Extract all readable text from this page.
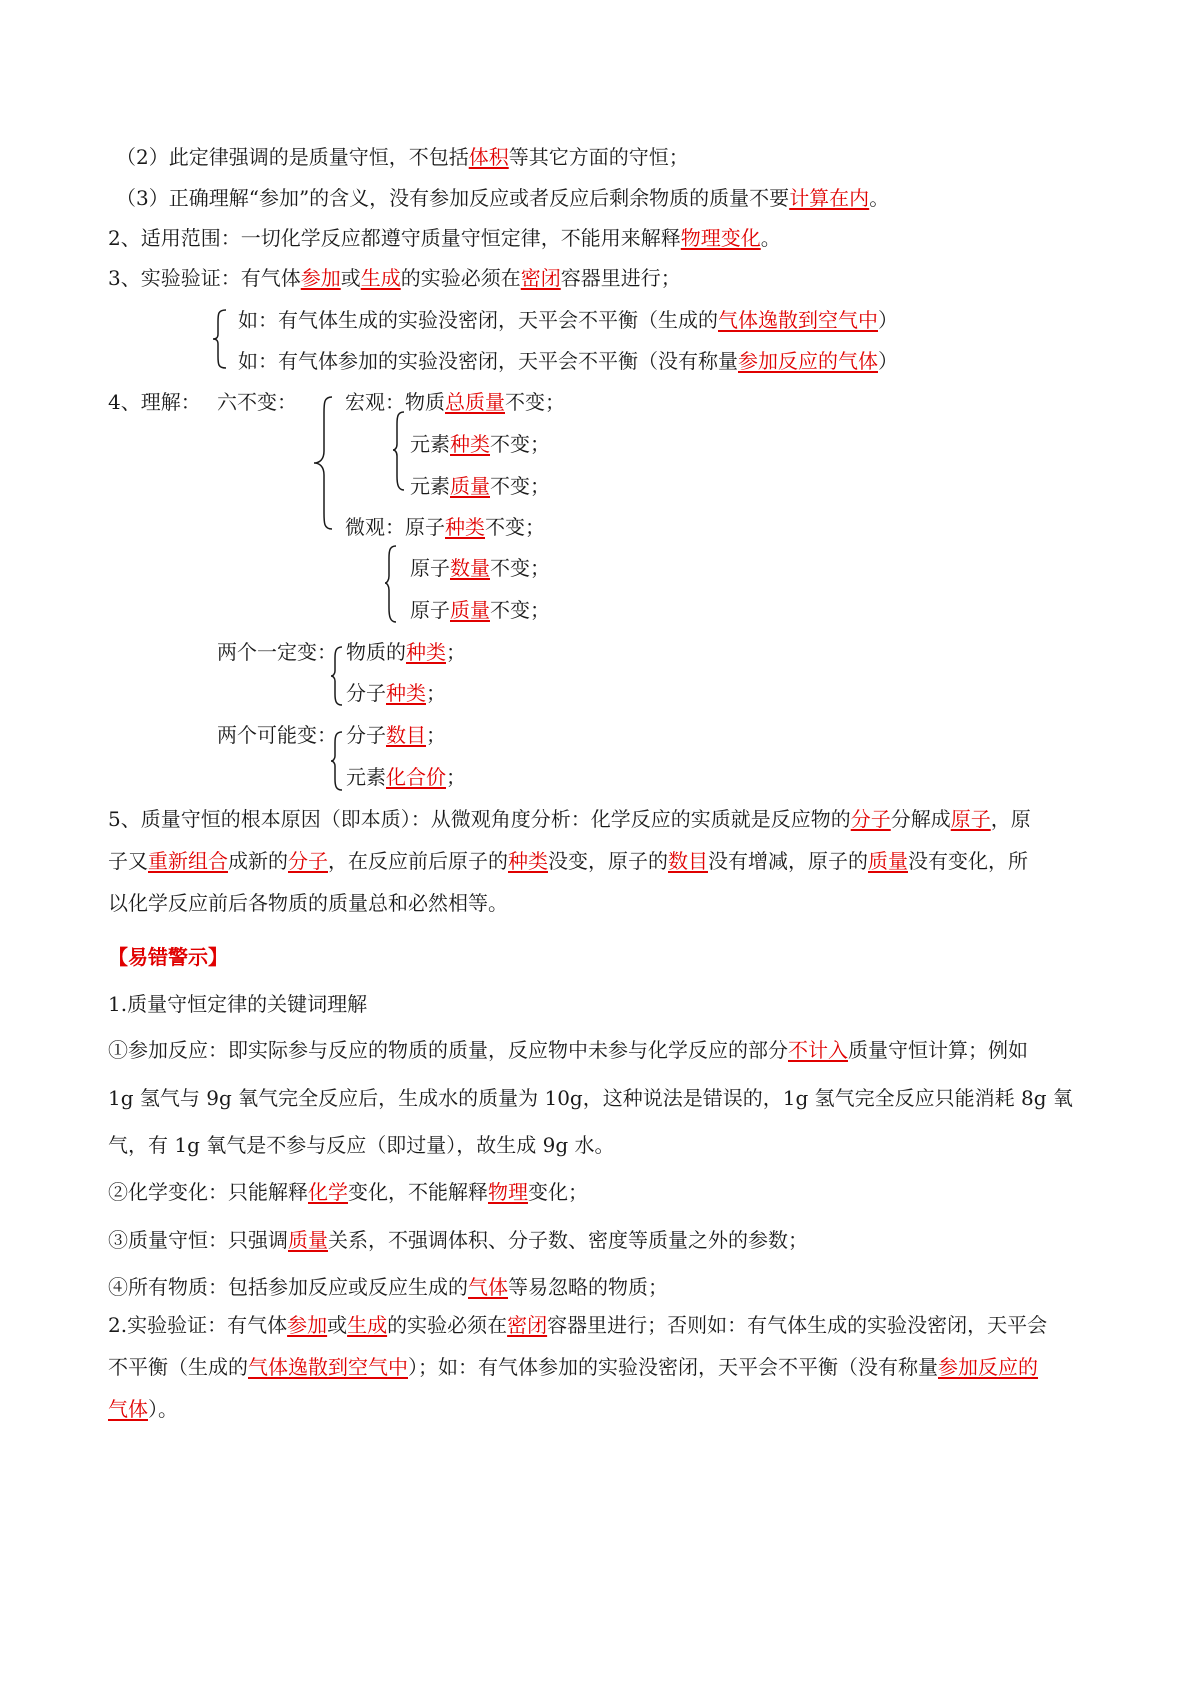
（2）此定律强调的是质量守恒，不包括体积等其它方面的守恒；
（3）正确理解“参加”的含义，没有参加反应或者反应后剩余物质的质量不要计算在内。
2、适用范围：一切化学反应都遵守质量守恒定律，不能用来解释物理变化。
3、实验验证：有气体参加或生成的实验必须在密闭容器里进行；
如：有气体生成的实验没密闭，天平会不平衡（生成的气体逸散到空气中）
如：有气体参加的实验没密闭，天平会不平衡（没有称量参加反应的气体）
4、理解： 六不变： 宏观：物质总质量不变；
元素种类不变；
元素质量不变；
微观：原子种类不变；
原子数量不变；
原子质量不变；
两个一定变： 物质的种类；
分子种类；
两个可能变： 分子数目；
元素化合价；
5、质量守恒的根本原因（即本质）：从微观角度分析：化学反应的实质就是反应物的分子分解成原子，原
子又重新组合成新的分子，在反应前后原子的种类没变，原子的数目没有增减，原子的质量没有变化，所
以化学反应前后各物质的质量总和必然相等。
【易错警示】
1.质量守恒定律的关键词理解
①参加反应：即实际参与反应的物质的质量，反应物中未参与化学反应的部分不计入质量守恒计算；例如
1g 氢气与 9g 氧气完全反应后，生成水的质量为 10g，这种说法是错误的，1g 氢气完全反应只能消耗 8g 氧
气，有 1g 氧气是不参与反应（即过量），故生成 9g 水。
②化学变化：只能解释化学变化，不能解释物理变化；
③质量守恒：只强调质量关系，不强调体积、分子数、密度等质量之外的参数；
④所有物质：包括参加反应或反应生成的气体等易忽略的物质；
2.实验验证：有气体参加或生成的实验必须在密闭容器里进行；否则如：有气体生成的实验没密闭，天平会
不平衡（生成的气体逸散到空气中）；如：有气体参加的实验没密闭，天平会不平衡（没有称量参加反应的
气体）。
